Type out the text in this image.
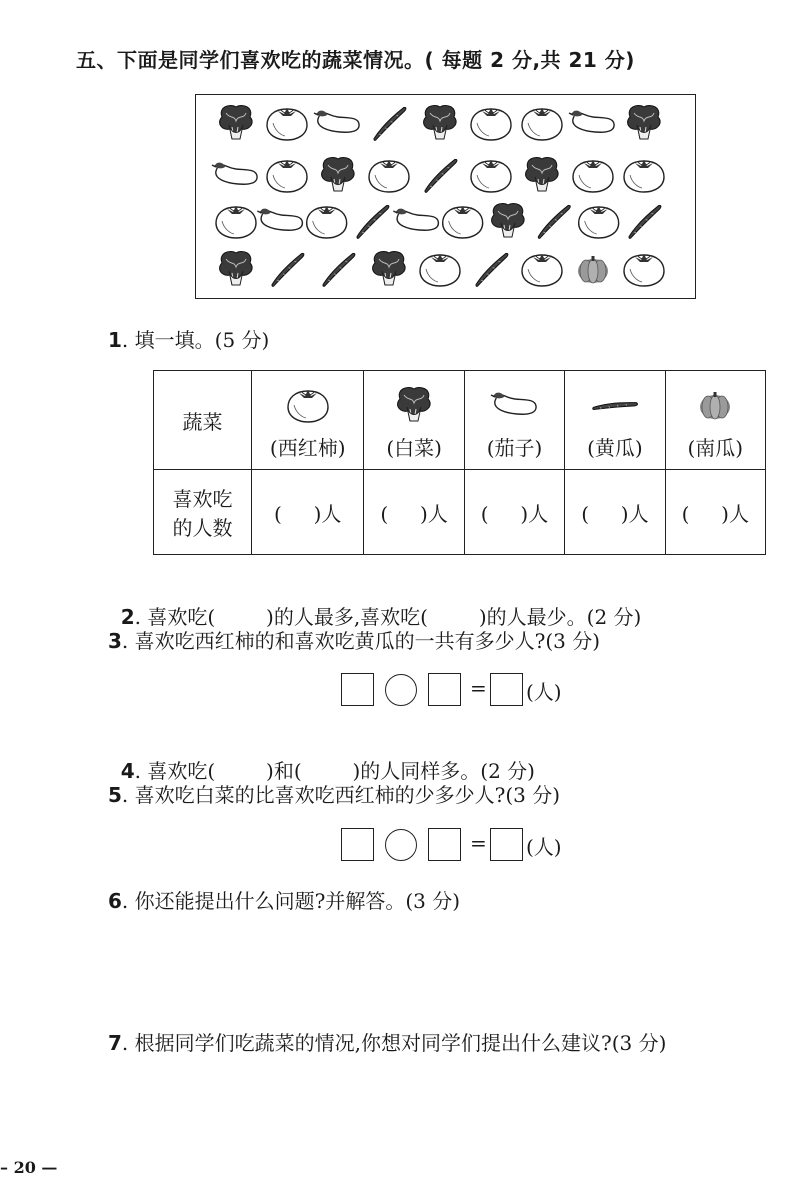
五、下面是同学们喜欢吃的蔬菜情况。( 每题 2 分,共 21 分)
1. 填一填。(5 分)
蔬菜	(西红柿)	(白菜)	(茄子)	(黄瓜)	(南瓜)

喜欢吃
的人数	(     )人	(     )人	(     )人	(     )人	(     )人

2. 喜欢吃(        )的人最多,喜欢吃(        )的人最少。(2 分)

3. 喜欢吃西红柿的和喜欢吃黄瓜的一共有多少人?(3 分)
= (人)

4. 喜欢吃(        )和(        )的人同样多。(2 分)

5. 喜欢吃白菜的比喜欢吃西红柿的少多少人?(3 分)
= (人)
6. 你还能提出什么问题?并解答。(3 分)
7. 根据同学们吃蔬菜的情况,你想对同学们提出什么建议?(3 分)
– 20 —
